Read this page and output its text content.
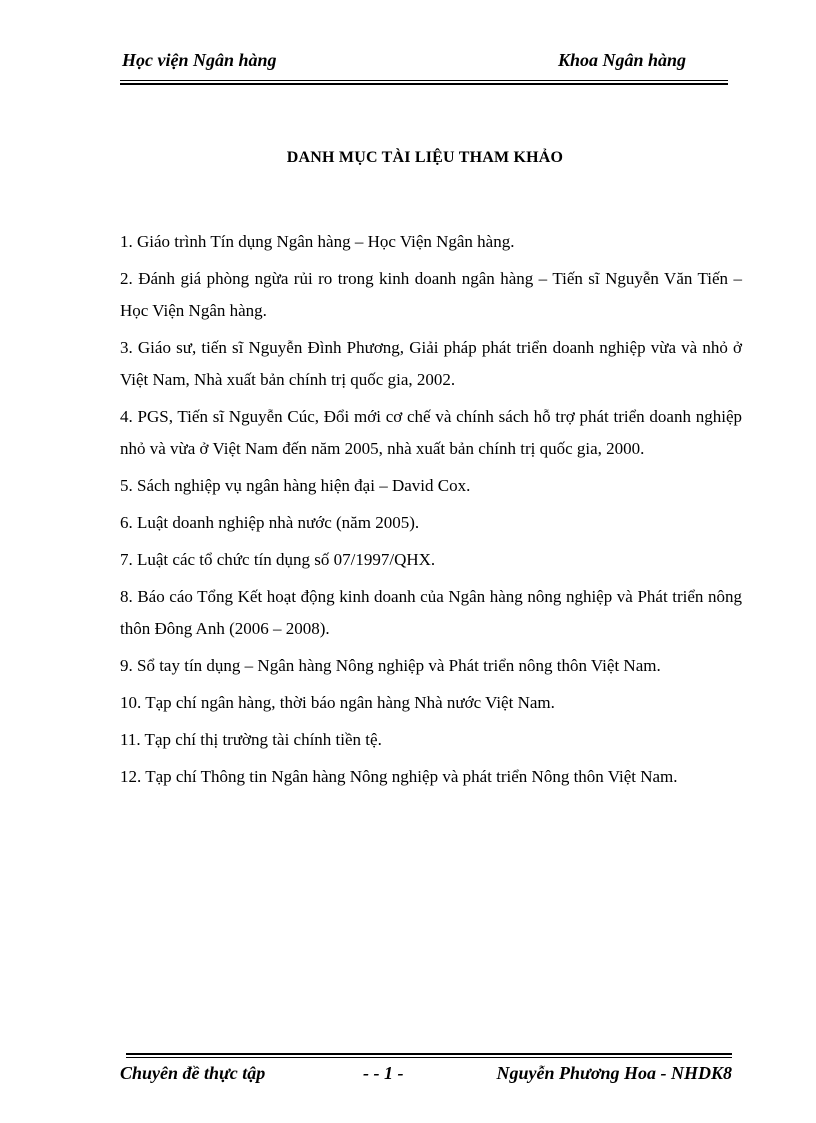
Học viện Ngân hàng	Khoa Ngân hàng
DANH MỤC TÀI LIỆU THAM KHẢO

1. Giáo trình Tín dụng Ngân hàng – Học Viện Ngân hàng.

2. Đánh giá phòng ngừa rủi ro trong kinh doanh ngân hàng – Tiến sĩ Nguyễn Văn Tiến – Học Viện Ngân hàng.

3. Giáo sư, tiến sĩ Nguyễn Đình Phương, Giải pháp phát triển doanh nghiệp vừa và nhỏ ở Việt Nam, Nhà xuất bản chính trị quốc gia, 2002.

4. PGS, Tiến sĩ Nguyễn Cúc, Đổi mới cơ chế và chính sách hỗ trợ phát triển doanh nghiệp nhỏ và vừa ở Việt Nam đến năm 2005, nhà xuất bản chính trị quốc gia, 2000.

5. Sách nghiệp vụ ngân hàng hiện đại – David Cox.

6. Luật doanh nghiệp nhà nước (năm 2005).

7. Luật các tổ chức tín dụng số 07/1997/QHX.

8. Báo cáo Tổng Kết hoạt động kinh doanh của Ngân hàng nông nghiệp và Phát triển nông thôn Đông Anh (2006 – 2008).

9. Sổ tay tín dụng – Ngân hàng Nông nghiệp và Phát triển nông thôn Việt Nam.

10. Tạp chí ngân hàng, thời báo ngân hàng Nhà nước Việt Nam.

11. Tạp chí thị trường tài chính tiền tệ.

12. Tạp chí Thông tin Ngân hàng Nông nghiệp và phát triển Nông thôn Việt Nam.

Chuyên đề thực tập	- - 1 -	Nguyễn Phương Hoa - NHDK8
